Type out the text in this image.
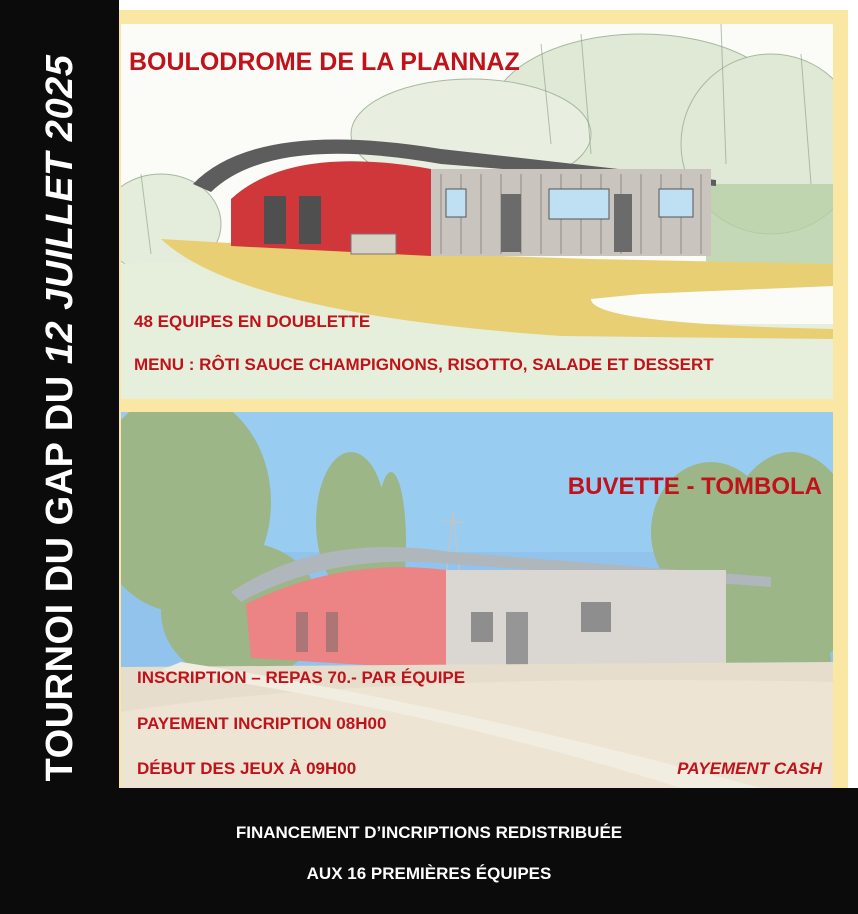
BOULODROME DE LA PLANNAZ
48 EQUIPES EN DOUBLETTE
MENU : RÔTI SAUCE CHAMPIGNONS, RISOTTO, SALADE ET DESSERT
BUVETTE - TOMBOLA
INSCRIPTION – REPAS 70.- PAR ÉQUIPE
PAYEMENT INCRIPTION 08H00
DÉBUT DES JEUX À 09H00	PAYEMENT CASH
FINANCEMENT D’INCRIPTIONS REDISTRIBUÉE
AUX 16 PREMIÈRES ÉQUIPES
TOURNOI DU GAP DU
12 JUILLET 2025
